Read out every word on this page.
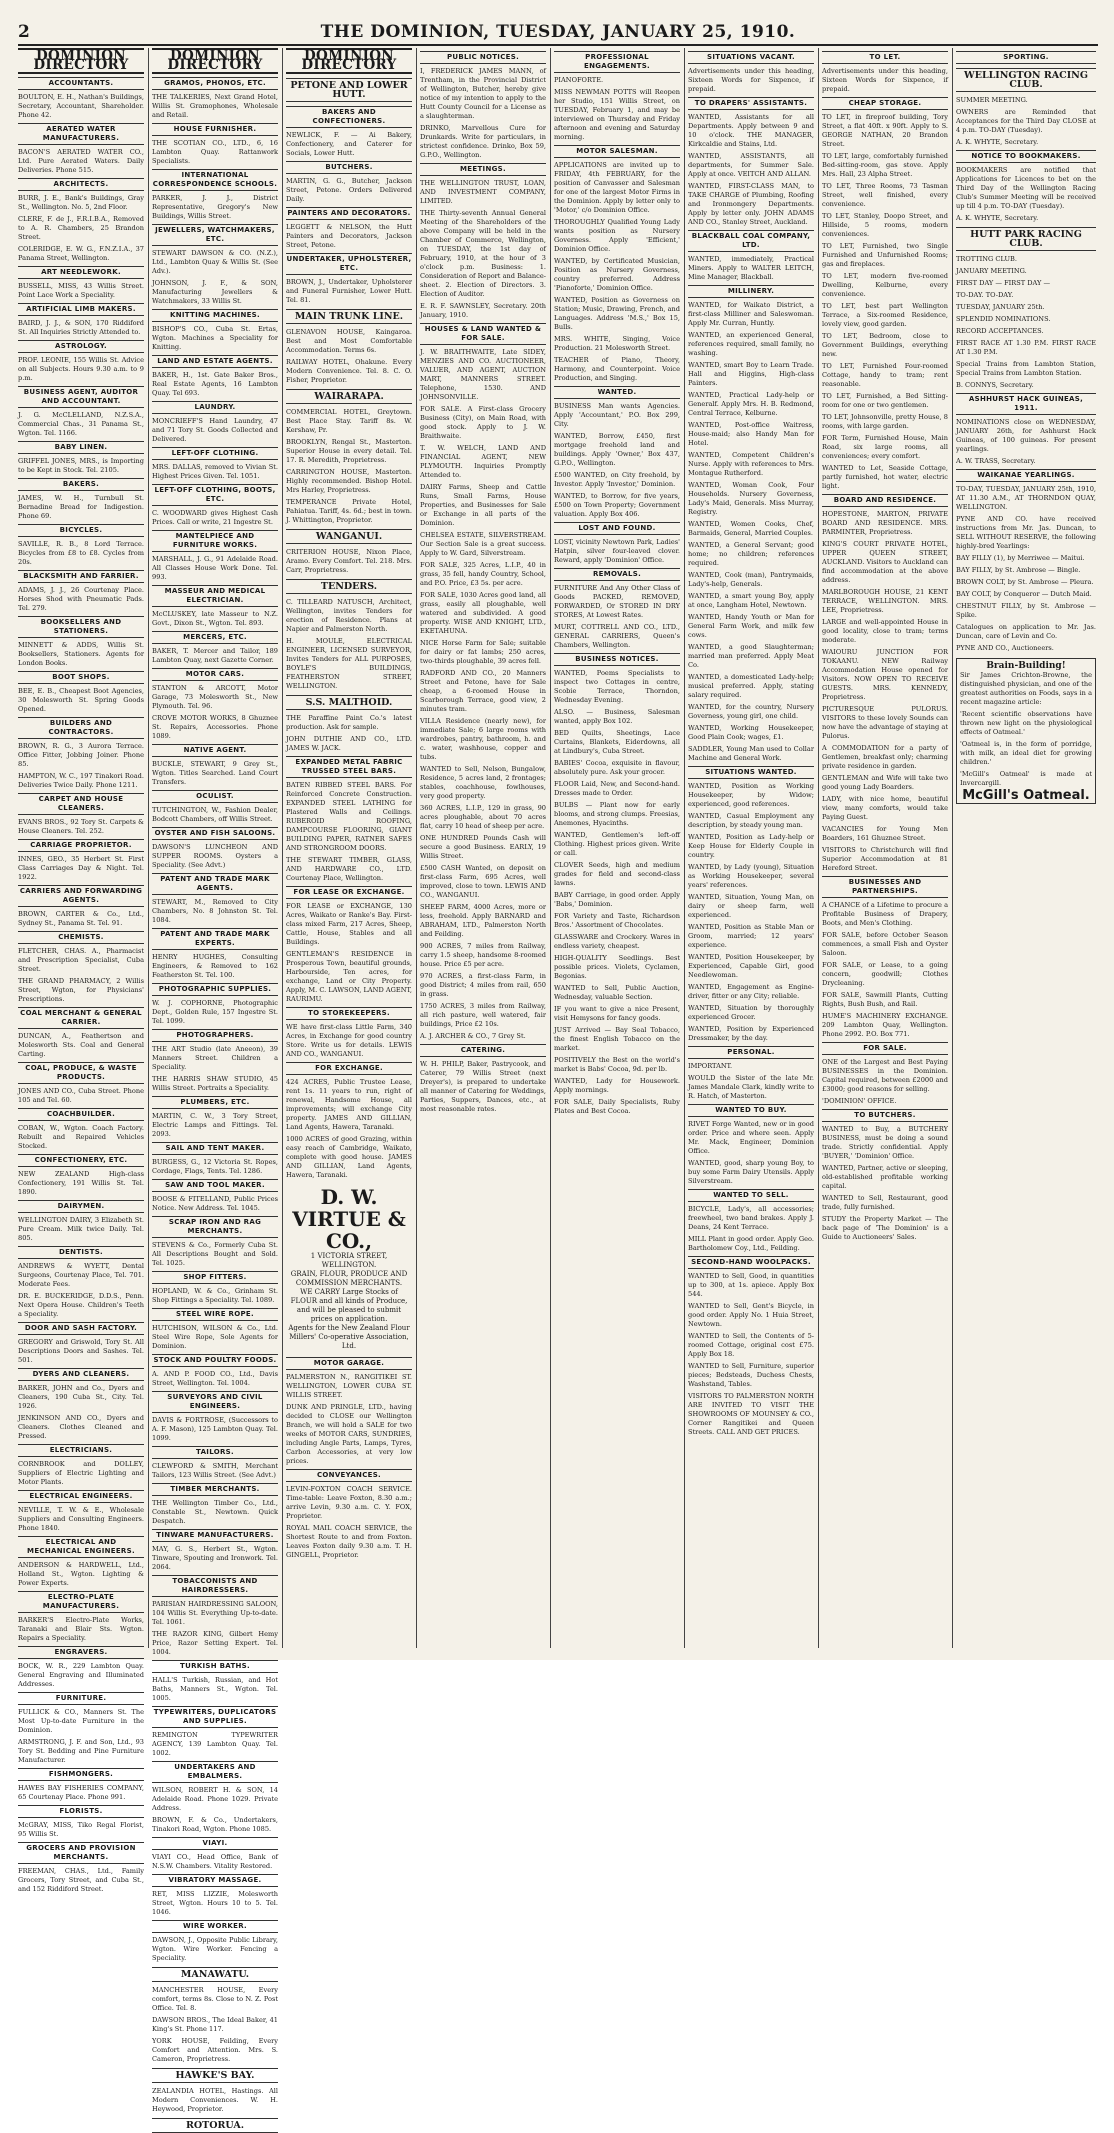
2	THE DOMINION, TUESDAY, JANUARY 25, 1910.
DOMINION DIRECTORY
ACCOUNTANTS.
BOULTON, E. H., Nathan's Buildings, Secretary, Accountant, Shareholder. Phone 42.
AERATED WATER MANUFACTURERS.
BACON'S AERATED WATER CO., Ltd. Pure Aerated Waters. Daily Deliveries. Phone 515.
ARCHITECTS.
BURR, J. E., Bank's Buildings, Gray St., Wellington. No. 5, 2nd Floor.
CLERE, F. de J., F.R.I.B.A., Removed to A. R. Chambers, 25 Brandon Street.
COLERIDGE, E. W. G., F.N.Z.I.A., 37 Panama Street, Wellington.
ART NEEDLEWORK.
BUSSELL, MISS, 43 Willis Street. Point Lace Work a Speciality.
ARTIFICIAL LIMB MAKERS.
BAIRD, J. J., & SON, 170 Riddiford St. All Inquiries Strictly Attended to.
ASTROLOGY.
PROF. LEONIE, 155 Willis St. Advice on all Subjects. Hours 9.30 a.m. to 9 p.m.
BUSINESS AGENT, AUDITOR AND ACCOUNTANT.
J. G. McCLELLAND, N.Z.S.A., Commercial Chas., 31 Panama St., Wgton. Tel. 1166.
BABY LINEN.
GRIFFEL JONES, MRS., is Importing to be Kept in Stock. Tel. 2105.
BAKERS.
JAMES, W. H., Turnbull St. Bernadine Bread for Indigestion. Phone 69.
BICYCLES.
SAVILLE, R. B., 8 Lord Terrace. Bicycles from £8 to £8. Cycles from 20s.
BLACKSMITH AND FARRIER.
ADAMS, J. J., 26 Courtenay Place. Horses Shod with Pneumatic Pads. Tel. 279.
BOOKSELLERS AND STATIONERS.
MINNETT & ADDS, Willis St. Booksellers, Stationers. Agents for London Books.
BOOT SHOPS.
BEE, E. B., Cheapest Boot Agencies, 30 Molesworth St. Spring Goods Opened.
BUILDERS AND CONTRACTORS.
BROWN, R. G., 3 Aurora Terrace. Office Fitter, Jobbing Joiner. Phone 85.
HAMPTON, W. C., 197 Tinakori Road. Deliveries Twice Daily. Phone 1211.
CARPET AND HOUSE CLEANERS.
EVANS BROS., 92 Tory St. Carpets & House Cleaners. Tel. 252.
CARRIAGE PROPRIETOR.
INNES, GEO., 35 Herbert St. First Class Carriages Day & Night. Tel. 1922.
CARRIERS AND FORWARDING AGENTS.
BROWN, CARTER & Co., Ltd., Sydney St., Panama St. Tel. 91.
CHEMISTS.
FLETCHER, CHAS. A., Pharmacist and Prescription Specialist, Cuba Street.
THE GRAND PHARMACY, 2 Willis Street, Wgton, for Physicians' Prescriptions.
COAL MERCHANT & GENERAL CARRIER.
DUNCAN, A., Feathertson and Molesworth Sts. Coal and General Carting.
COAL, PRODUCE, & WASTE PRODUCTS.
JONES AND CO., Cuba Street. Phone 105 and Tel. 60.
COACHBUILDER.
COBAN, W., Wgton. Coach Factory. Rebuilt and Repaired Vehicles Stocked.
CONFECTIONERY, ETC.
NEW ZEALAND High-class Confectionery, 191 Willis St. Tel. 1890.
DAIRYMEN.
WELLINGTON DAIRY, 3 Elizabeth St. Pure Cream. Milk twice Daily. Tel. 805.
DENTISTS.
ANDREWS & WYETT, Dental Surgeons, Courtenay Place, Tel. 701. Moderate Fees.
DR. E. BUCKERIDGE, D.D.S., Penn. Next Opera House. Children's Teeth a Speciality.
DOOR AND SASH FACTORY.
GREGORY and Griswold, Tory St. All Descriptions Doors and Sashes. Tel. 501.
DYERS AND CLEANERS.
BARKER, JOHN and Co., Dyers and Cleaners, 190 Cuba St., City. Tel. 1926.
JENKINSON AND CO., Dyers and Cleaners. Clothes Cleaned and Pressed.
ELECTRICIANS.
CORNBROOK and DOLLEY, Suppliers of Electric Lighting and Motor Plants.
ELECTRICAL ENGINEERS.
NEVILLE, T. W. & E., Wholesale Suppliers and Consulting Engineers. Phone 1840.
ELECTRICAL AND MECHANICAL ENGINEERS.
ANDERSON & HARDWELL, Ltd., Holland St., Wgton. Lighting & Power Experts.
ELECTRO-PLATE MANUFACTURERS.
BARKER'S Electro-Plate Works, Taranaki and Blair Sts. Wgton. Repairs a Speciality.
ENGRAVERS.
BOCK, W. R., 229 Lambton Quay. General Engraving and Illuminated Addresses.
FURNITURE.
FULLICK & CO., Manners St. The Most Up-to-date Furniture in the Dominion.
ARMSTRONG, J. F. and Son, Ltd., 93 Tory St. Bedding and Pine Furniture Manufacturer.
FISHMONGERS.
HAWES BAY FISHERIES COMPANY, 65 Courtenay Place. Phone 991.
FLORISTS.
McGRAY, MISS, Tiko Regal Florist, 95 Willis St.
GROCERS AND PROVISION MERCHANTS.
FREEMAN, CHAS., Ltd., Family Grocers, Tory Street, and Cuba St., and 152 Riddiford Street.
DOMINION DIRECTORY
GRAMOS, PHONOS, ETC.
THE TALKERIES, Next Grand Hotel, Willis St. Gramophones, Wholesale and Retail.
HOUSE FURNISHER.
THE SCOTIAN CO., LTD., 6, 16 Lambton Quay. Rattanwork Specialists.
INTERNATIONAL CORRESPONDENCE SCHOOLS.
PARKER, J. J., District Representative, Gregory's New Buildings, Willis Street.
JEWELLERS, WATCHMAKERS, ETC.
STEWART DAWSON & CO. (N.Z.), Ltd., Lambton Quay & Willis St. (See Adv.).
JOHNSON, J. F., & SON, Manufacturing Jewellers & Watchmakers, 33 Willis St.
KNITTING MACHINES.
BISHOP'S CO., Cuba St. Ertas, Wgton. Machines a Speciality for Knitting.
LAND AND ESTATE AGENTS.
BAKER, H., 1st. Gate Baker Bros., Real Estate Agents, 16 Lambton Quay. Tel 693.
LAUNDRY.
MONCRIEFF'S Hand Laundry, 47 and 71 Tory St. Goods Collected and Delivered.
LEFT-OFF CLOTHING.
MRS. DALLAS, removed to Vivian St. Highest Prices Given. Tel. 1051.
LEFT-OFF CLOTHING, BOOTS, ETC.
C. WOODWARD gives Highest Cash Prices. Call or write, 21 Ingestre St.
MANTELPIECE AND FURNITURE WORKS.
MARSHALL, J. G., 91 Adelaide Road. All Classes House Work Done. Tel. 993.
MASSEUR AND MEDICAL ELECTRICIAN.
McCLUSKEY, late Masseur to N.Z. Govt., Dixon St., Wgton. Tel. 893.
MERCERS, ETC.
BAKER, T. Mercer and Tailor, 189 Lambton Quay, next Gazette Corner.
MOTOR CARS.
STANTON & ARCOTT, Motor Garage, 73 Molesworth St., New Plymouth. Tel. 96.
CROVE MOTOR WORKS, 8 Ghuznee St. Repairs, Accessories. Phone 1089.
NATIVE AGENT.
BUCKLE, STEWART, 9 Grey St., Wgton. Titles Searched. Land Court Transfers.
OCULIST.
TUTCHINGTON, W., Fashion Dealer, Bodcott Chambers, off Willis Street.
OYSTER AND FISH SALOONS.
DAWSON'S LUNCHEON AND SUPPER ROOMS. Oysters a Speciality. (See Advt.)
PATENT AND TRADE MARK AGENTS.
STEWART, M., Removed to City Chambers, No. 8 Johnston St. Tel. 1084.
PATENT AND TRADE MARK EXPERTS.
HENRY HUGHES, Consulting Engineers, & Removed to 162 Featherston St. Tel. 100.
PHOTOGRAPHIC SUPPLIES.
W. J. COPHORNE, Photographic Dept., Golden Rule, 157 Ingestre St. Tel. 1099.
PHOTOGRAPHERS.
THE ART Studio (late Aneeon), 39 Manners Street. Children a Speciality.
THE HARRIS SHAW STUDIO, 45 Willis Street. Portraits a Speciality.
PLUMBERS, ETC.
MARTIN, C. W., 3 Tory Street, Electric Lamps and Fittings. Tel. 2093.
SAIL AND TENT MAKER.
BURGESS, G., 12 Victoria St. Ropes, Cordage, Flags, Tents. Tel. 1286.
SAW AND TOOL MAKER.
BOOSE & FITELLAND, Public Prices Notice. New Address. Tel. 1045.
SCRAP IRON AND RAG MERCHANTS.
STEVENS & Co., Formerly Cuba St. All Descriptions Bought and Sold. Tel. 1025.
SHOP FITTERS.
HOPLAND, W. & Co., Grinham St. Shop Fittings a Speciality. Tel. 1089.
STEEL WIRE ROPE.
HUTCHISON, WILSON & Co., Ltd. Steel Wire Rope, Sole Agents for Dominion.
STOCK AND POULTRY FOODS.
A. AND P. FOOD CO., Ltd., Davis Street, Wellington. Tel. 1004.
SURVEYORS AND CIVIL ENGINEERS.
DAVIS & FORTROSE, (Successors to A. F. Mason), 125 Lambton Quay. Tel. 1099.
TAILORS.
CLEWFORD & SMITH, Merchant Tailors, 123 Willis Street. (See Advt.)
TIMBER MERCHANTS.
THE Wellington Timber Co., Ltd., Constable St., Newtown. Quick Despatch.
TINWARE MANUFACTURERS.
MAY, G. S., Herbert St., Wgton. Tinware, Spouting and Ironwork. Tel. 2064.
TOBACCONISTS AND HAIRDRESSERS.
PARISIAN HAIRDRESSING SALOON, 104 Willis St. Everything Up-to-date. Tel. 1061.
THE RAZOR KING, Gilbert Hemy Price, Razor Setting Expert. Tel. 1004.
TURKISH BATHS.
HALL'S Turkish, Russian, and Hot Baths, Manners St., Wgton. Tel. 1005.
TYPEWRITERS, DUPLICATORS AND SUPPLIES.
REMINGTON TYPEWRITER AGENCY, 139 Lambton Quay. Tel. 1002.
UNDERTAKERS AND EMBALMERS.
WILSON, ROBERT H. & SON, 14 Adelaide Road. Phone 1029. Private Address.
BROWN, F. & Co., Undertakers, Tinakori Road, Wgton. Phone 1085.
VIAYI.
VIAYI CO., Head Office, Bank of N.S.W. Chambers. Vitality Restored.
VIBRATORY MASSAGE.
RET, MISS LIZZIE, Molesworth Street, Wgton. Hours 10 to 5. Tel. 1046.
WIRE WORKER.
DAWSON, J., Opposite Public Library, Wgton. Wire Worker. Fencing a Speciality.
MANAWATU.
MANCHESTER HOUSE, Every comfort, terms 8s. Close to N. Z. Post Office. Tel. 8.
DAWSON BROS., The Ideal Baker, 41 King's St. Phone 117.
YORK HOUSE, Feilding, Every Comfort and Attention. Mrs. S. Cameron, Proprietress.
HAWKE'S BAY.
ZEALANDIA HOTEL, Hastings. All Modern Conveniences. W. H. Heywood, Proprietor.
ROTORUA.
DOMINION DIRECTORY
PETONE AND LOWER HUTT.
BAKERS AND CONFECTIONERS.
NEWLICK, F. — Ai Bakery, Confectionery, and Caterer for Socials, Lower Hutt.
BUTCHERS.
MARTIN, G. G., Butcher, Jackson Street, Petone. Orders Delivered Daily.
PAINTERS AND DECORATORS.
LEGGETT & NELSON, the Hutt Painters and Decorators, Jackson Street, Petone.
UNDERTAKER, UPHOLSTERER, ETC.
BROWN, J., Undertaker, Upholsterer and Funeral Furnisher, Lower Hutt. Tel. 81.
MAIN TRUNK LINE.
GLENAVON HOUSE, Kaingaroa. Best and Most Comfortable Accommodation. Terms 6s.
RAILWAY HOTEL, Ohakune. Every Modern Convenience. Tel. 8. C. O. Fisher, Proprietor.
WAIRARAPA.
COMMERCIAL HOTEL, Greytown. Best Place Stay. Tariff 8s. W. Kershaw, Pr.
BROOKLYN, Rengal St., Masterton. Superior House in every detail. Tel. 17. R. Meredith, Proprietress.
CARRINGTON HOUSE, Masterton. Highly recommended. Bishop Hotel. Mrs Harley, Proprietress.
TEMPERANCE Private Hotel, Pahiatua. Tariff, 4s. 6d.; best in town. J. Whittington, Proprietor.
WANGANUI.
CRITERION HOUSE, Nixon Place, Aramo. Every Comfort. Tel. 218. Mrs. Carr, Proprietress.
TENDERS.
C. TILLEARD NATUSCH, Architect, Wellington, invites Tenders for erection of Residence. Plans at Napier and Palmerston North.
H. MOULE, ELECTRICAL ENGINEER, LICENSED SURVEYOR, Invites Tenders for ALL PURPOSES, BOYLE'S BUILDINGS, FEATHERSTON STREET, WELLINGTON.
S.S. MALTHOID.
THE Paraffine Paint Co.'s latest production. Ask for sample.
JOHN DUTHIE AND CO., LTD. JAMES W. JACK.
EXPANDED METAL FABRIC TRUSSED STEEL BARS.
BATEN RIBBED STEEL BARS. For Reinforced Concrete Construction. EXPANDED STEEL LATHING for Plastered Walls and Ceilings. RUBEROID ROOFING, DAMPCOURSE FLOORING, GIANT BUILDING PAPER, RATNER SAFES AND STRONGROOM DOORS.
THE STEWART TIMBER, GLASS, AND HARDWARE CO., LTD. Courtenay Place, Wellington.
FOR LEASE OR EXCHANGE.
FOR LEASE or EXCHANGE, 130 Acres, Waikato or Ranke's Bay. First-class mixed Farm, 217 Acres, Sheep, Cattle, House, Stables and all Buildings.
GENTLEMAN'S RESIDENCE in Prosperous Town, beautiful grounds, Harbourside, Ten acres, for exchange, Land or City Property. Apply, M. C. LAWSON, LAND AGENT, RAURIMU.
TO STOREKEEPERS.
WE have first-class Little Farm, 340 Acres, in Exchange for good country Store. Write us for details. LEWIS AND CO., WANGANUI.
FOR EXCHANGE.
424 ACRES, Public Trustee Lease, rent 1s. 11 years to run, right of renewal, Handsome House, all improvements; will exchange City property. JAMES AND GILLIAN, Land Agents, Hawera, Taranaki.
1000 ACRES of good Grazing, within easy reach of Cambridge, Waikato, complete with good house. JAMES AND GILLIAN, Land Agents, Hawera, Taranaki.
D. W. VIRTUE & CO.,
1 VICTORIA STREET, WELLINGTON.
GRAIN, FLOUR, PRODUCE AND COMMISSION MERCHANTS.
WE CARRY Large Stocks of FLOUR and all kinds of Produce, and will be pleased to submit prices on application.
Agents for the New Zealand Flour Millers' Co-operative Association, Ltd.
MOTOR GARAGE.
PALMERSTON N., RANGITIKEI ST. WELLINGTON, LOWER CUBA ST. WILLIS STREET.
DUNK AND PRINGLE, LTD., having decided to CLOSE our Wellington Branch, we will hold a SALE for two weeks of MOTOR CARS, SUNDRIES, including Angle Parts, Lamps, Tyres, Carbon Accessories, at very low prices.
CONVEYANCES.
LEVIN-FOXTON COACH SERVICE. Time-table: Leave Foxton, 8.30 a.m.; arrive Levin, 9.30 a.m. C. Y. FOX, Proprietor.
ROYAL MAIL COACH SERVICE, the Shortest Route to and from Foxton. Leaves Foxton daily 9.30 a.m. T. H. GINGELL, Proprietor.
PUBLIC NOTICES.
I, FREDERICK JAMES MANN, of Trentham, in the Provincial District of Wellington, Butcher, hereby give notice of my intention to apply to the Hutt County Council for a License as a slaughterman.
DRINKO, Marvellous Cure for Drunkards. Write for particulars, in strictest confidence. Drinko, Box 59, G.P.O., Wellington.
MEETINGS.
THE WELLINGTON TRUST, LOAN, AND INVESTMENT COMPANY, LIMITED.
THE Thirty-seventh Annual General Meeting of the Shareholders of the above Company will be held in the Chamber of Commerce, Wellington, on TUESDAY, the 1st day of February, 1910, at the hour of 3 o'clock p.m. Business: 1. Consideration of Report and Balance-sheet. 2. Election of Directors. 3. Election of Auditor.
E. R. F. SAWNSLEY, Secretary. 20th January, 1910.
HOUSES & LAND WANTED & FOR SALE.
J. W. BRAITHWAITE, Late SIDEY, MENZIES AND CO. AUCTIONEER, VALUER, AND AGENT, AUCTION MART, MANNERS STREET. Telephone, 1530. AND JOHNSONVILLE.
FOR SALE. A First-class Grocery Business (City), on Main Road, with good stock. Apply to J. W. Braithwaite.
T. W. WELCH, LAND AND FINANCIAL AGENT, NEW PLYMOUTH. Inquiries Promptly Attended to.
DAIRY Farms, Sheep and Cattle Runs, Small Farms, House Properties, and Businesses for Sale or Exchange in all parts of the Dominion.
CHELSEA ESTATE, SILVERSTREAM. Our Section Sale is a great success. Apply to W. Gard, Silverstream.
FOR SALE, 325 Acres, L.I.P., 40 in grass, 35 fell, handy Country, School, and P.O. Price, £3 5s. per acre.
FOR SALE, 1030 Acres good land, all grass, easily all ploughable, well watered and subdivided. A good property. WISE AND KNIGHT, LTD., EKETAHUNA.
NICE Horse Farm for Sale; suitable for dairy or fat lambs; 250 acres, two-thirds ploughable, 39 acres fell.
RADFORD AND CO., 20 Manners Street and Petone, have for Sale cheap, a 6-roomed House in Scarborough Terrace, good view, 2 minutes tram.
VILLA Residence (nearly new), for immediate Sale; 6 large rooms with wardrobes, pantry, bathroom, h. and c. water, washhouse, copper and tubs.
WANTED to Sell, Nelson, Bungalow, Residence, 5 acres land, 2 frontages; stables, coachhouse, fowlhouses, very good property.
360 ACRES, L.I.P., 129 in grass, 90 acres ploughable, about 70 acres flat, carry 10 head of sheep per acre.
ONE HUNDRED Pounds Cash will secure a good Business. EARLY, 19 Willis Street.
£500 CASH Wanted, on deposit on first-class Farm, 695 Acres, well improved, close to town. LEWIS AND CO., WANGANUI.
SHEEP FARM, 4000 Acres, more or less, freehold. Apply BARNARD and ABRAHAM, LTD., Palmerston North and Feilding.
900 ACRES, 7 miles from Railway, carry 1.5 sheep, handsome 8-roomed house. Price £5 per acre.
970 ACRES, a first-class Farm, in good District; 4 miles from rail, 650 in grass.
1750 ACRES, 3 miles from Railway, all rich pasture, well watered, fair buildings, Price £2 10s.
A. J. ARCHER & CO., 7 Grey St.
CATERING.
W. H. PHILP, Baker, Pastrycook, and Caterer, 79 Willis Street (next Dreyer's), is prepared to undertake all manner of Catering for Weddings, Parties, Suppers, Dances, etc., at most reasonable rates.
PROFESSIONAL ENGAGEMENTS.
PIANOFORTE.
MISS NEWMAN POTTS will Reopen her Studio, 151 Willis Street, on TUESDAY, February 1, and may be interviewed on Thursday and Friday afternoon and evening and Saturday morning.
MOTOR SALESMAN.
APPLICATIONS are invited up to FRIDAY, 4th FEBRUARY, for the position of Canvasser and Salesman for one of the largest Motor Firms in the Dominion. Apply by letter only to 'Motor,' c/o Dominion Office.
THOROUGHLY Qualified Young Lady wants position as Nursery Governess. Apply 'Efficient,' Dominion Office.
WANTED, by Certificated Musician, Position as Nursery Governess, country preferred. Address 'Pianoforte,' Dominion Office.
WANTED, Position as Governess on Station; Music, Drawing, French, and Languages. Address 'M.S.,' Box 15, Bulls.
MRS. WHITE, Singing, Voice Production. 21 Molesworth Street.
TEACHER of Piano, Theory, Harmony, and Counterpoint. Voice Production, and Singing.
WANTED.
BUSINESS Man wants Agencies. Apply 'Accountant,' P.O. Box 299, City.
WANTED, Borrow, £450, first mortgage freehold land and buildings. Apply 'Owner,' Box 437, G.P.O., Wellington.
£500 WANTED, on City freehold, by Investor. Apply 'Investor,' Dominion.
WANTED, to Borrow, for five years, £500 on Town Property; Government valuation. Apply Box 406.
LOST AND FOUND.
LOST, vicinity Newtown Park, Ladies' Hatpin, silver four-leaved clover. Reward, apply 'Dominion' Office.
REMOVALS.
FURNITURE And Any Other Class of Goods PACKED, REMOVED, FORWARDED, Or STORED IN DRY STORES, At Lowest Rates.
MURT, COTTRELL AND CO., LTD., GENERAL CARRIERS, Queen's Chambers, Wellington.
BUSINESS NOTICES.
WANTED, Poems Specialists to inspect two Cottages in centre, Scobie Terrace, Thorndon, Wednesday Evening.
ALSO. — Business, Salesman wanted, apply Box 102.
BED Quilts, Sheetings, Lace Curtains, Blankets, Eiderdowns, all at Lindbury's, Cuba Street.
BABIES' Cocoa, exquisite in flavour, absolutely pure. Ask your grocer.
FLOOR Laid, New, and Second-hand. Dresses made to Order.
BULBS — Plant now for early blooms, and strong clumps. Freesias, Anemones, Hyacinths.
WANTED, Gentlemen's left-off Clothing. Highest prices given. Write or call.
CLOVER Seeds, high and medium grades for field and second-class lawns.
BABY Carriage, in good order. Apply 'Babs,' Dominion.
FOR Variety and Taste, Richardson Bros.' Assortment of Chocolates.
GLASSWARE and Crockery. Wares in endless variety, cheapest.
HIGH-QUALITY Seedlings. Best possible prices. Violets, Cyclamen, Begonias.
WANTED to Sell, Public Auction, Wednesday, valuable Section.
IF you want to give a nice Present, visit Hemysons for fancy goods.
JUST Arrived — Bay Seal Tobacco, the finest English Tobacco on the market.
POSITIVELY the Best on the world's market is Babs' Cocoa, 9d. per lb.
WANTED, Lady for Housework. Apply mornings.
FOR SALE, Daily Specialists, Ruby Plates and Best Cocoa.
SITUATIONS VACANT.
Advertisements under this heading, Sixteen Words for Sixpence, if prepaid.
TO DRAPERS' ASSISTANTS.
WANTED, Assistants for all Departments. Apply between 9 and 10 o'clock. THE MANAGER, Kirkcaldie and Stains, Ltd.
WANTED, ASSISTANTS, all departments, for Summer Sale. Apply at once. VEITCH AND ALLAN.
WANTED, FIRST-CLASS MAN, to TAKE CHARGE of Plumbing, Roofing and Ironmongery Departments. Apply by letter only. JOHN ADAMS AND CO., Stanley Street, Auckland.
BLACKBALL COAL COMPANY, LTD.
WANTED, immediately, Practical Miners. Apply to WALTER LEITCH, Mine Manager, Blackball.
MILLINERY.
WANTED, for Waikato District, a first-class Milliner and Saleswoman. Apply Mr. Curran, Huntly.
WANTED, an experienced General, references required, small family, no washing.
WANTED, smart Boy to Learn Trade. Hall and Higgins, High-class Painters.
WANTED, Practical Lady-help or Generalf. Apply Mrs. H. B. Redmond, Central Terrace, Kelburne.
WANTED, Post-office Waitress, House-maid; also Handy Man for Hotel.
WANTED, Competent Children's Nurse. Apply with references to Mrs. Montague Rutherford.
WANTED, Woman Cook, Four Households. Nursery Governess, Lady's Maid, Generals. Miss Murray, Registry.
WANTED, Women Cooks, Chef, Barmaids, General, Married Couples.
WANTED, a General Servant; good home; no children; references required.
WANTED, Cook (man), Pantrymaids, Lady's-help, Generals.
WANTED, a smart young Boy, apply at once, Langham Hotel, Newtown.
WANTED, Handy Youth or Man for General Farm Work, and milk few cows.
WANTED, a good Slaughterman; married man preferred. Apply Meat Co.
WANTED, a domesticated Lady-help; musical preferred. Apply, stating salary required.
WANTED, for the country, Nursery Governess, young girl, one child.
WANTED, Working Housekeeper, Good Plain Cook; wages, £1.
SADDLER, Young Man used to Collar Machine and General Work.
SITUATIONS WANTED.
WANTED, Position as Working Housekeeper, by Widow; experienced, good references.
WANTED, Casual Employment any description, by steady young man.
WANTED, Position as Lady-help or Keep House for Elderly Couple in country.
WANTED, by Lady (young), Situation as Working Housekeeper, several years' references.
WANTED, Situation, Young Man, on dairy or sheep farm, well experienced.
WANTED, Position as Stable Man or Groom, married; 12 years' experience.
WANTED, Position Housekeeper, by Experienced, Capable Girl, good Needlewoman.
WANTED, Engagement as Engine-driver, fitter or any City; reliable.
WANTED, Situation by thoroughly experienced Grocer.
WANTED, Position by Experienced Dressmaker, by the day.
PERSONAL.
IMPORTANT.
WOULD the Sister of the late Mr. James Mandale Clark, kindly write to R. Hatch, of Masterton.
WANTED TO BUY.
RIVET Forge Wanted, new or in good order. Price and where seen. Apply Mr. Mack, Engineer, Dominion Office.
WANTED, good, sharp young Boy, to buy some Farm Dairy Utensils. Apply Silverstream.
WANTED TO SELL.
BICYCLE, Lady's, all accessories; freewheel, two band brakes. Apply J. Deans, 24 Kent Terrace.
MILL Plant in good order. Apply Geo. Bartholomew Coy., Ltd., Feilding.
SECOND-HAND WOOLPACKS.
WANTED to Sell, Good, in quantities up to 300, at 1s. apiece. Apply Box 544.
WANTED to Sell, Gent's Bicycle, in good order. Apply No. 1 Huia Street, Newtown.
WANTED to Sell, the Contents of 5-roomed Cottage, original cost £75. Apply Box 18.
WANTED to Sell, Furniture, superior pieces; Bedsteads, Duchess Chests, Washstand, Tables.
VISITORS TO PALMERSTON NORTH ARE INVITED TO VISIT THE SHOWROOMS OF MOUNSEY & CO., Corner Rangitikei and Queen Streets. CALL AND GET PRICES.
TO LET.
Advertisements under this heading, Sixteen Words for Sixpence, if prepaid.
CHEAP STORAGE.
TO LET, in fireproof building, Tory Street, a flat 40ft. x 90ft. Apply to S. GEORGE NATHAN, 20 Brandon Street.
TO LET, large, comfortably furnished Bed-sitting-room, gas stove. Apply Mrs. Hall, 23 Alpha Street.
TO LET, Three Rooms, 73 Tasman Street, well finished, every convenience.
TO LET, Stanley, Doopo Street, and Hillside, 5 rooms, modern conveniences.
TO LET, Furnished, two Single Furnished and Unfurnished Rooms; gas and fireplaces.
TO LET, modern five-roomed Dwelling, Kelburne, every convenience.
TO LET, best part Wellington Terrace, a Six-roomed Residence, lovely view, good garden.
TO LET, Bedroom, close to Government Buildings, everything new.
TO LET, Furnished Four-roomed Cottage, handy to tram; rent reasonable.
TO LET, Furnished, a Bed Sitting-room for one or two gentlemen.
TO LET, Johnsonville, pretty House, 8 rooms, with large garden.
FOR Term, Furnished House, Main Road, six large rooms, all conveniences; every comfort.
WANTED to Let, Seaside Cottage, partly furnished, hot water, electric light.
BOARD AND RESIDENCE.
HOPESTONE, MARTON, PRIVATE BOARD AND RESIDENCE. MRS. PARMINTER, Proprietress.
KING'S COURT PRIVATE HOTEL, UPPER QUEEN STREET, AUCKLAND. Visitors to Auckland can find accommodation at the above address.
MARLBOROUGH HOUSE, 21 KENT TERRACE, WELLINGTON. MRS. LEE, Proprietress.
LARGE and well-appointed House in good locality, close to tram; terms moderate.
WAIOURU JUNCTION FOR TOKAANU. NEW Railway Accommodation House opened for Visitors. NOW OPEN TO RECEIVE GUESTS. MRS. KENNEDY, Proprietress.
PICTURESQUE PULORUS. VISITORS to these lovely Sounds can now have the advantage of staying at Pulorus.
A COMMODATION for a party of Gentlemen, breakfast only; charming private residence in garden.
GENTLEMAN and Wife will take two good young Lady Boarders.
LADY, with nice home, beautiful view, many comforts, would take Paying Guest.
VACANCIES for Young Men Boarders, 161 Ghuznee Street.
VISITORS to Christchurch will find Superior Accommodation at 81 Hereford Street.
BUSINESSES AND PARTNERSHIPS.
A CHANCE of a Lifetime to procure a Profitable Business of Drapery, Boots, and Men's Clothing.
FOR SALE, before October Season commences, a small Fish and Oyster Saloon.
FOR SALE, or Lease, to a going concern, goodwill; Clothes Drycleaning.
FOR SALE, Sawmill Plants, Cutting Rights, Bush Bush, and Rail.
HUME'S MACHINERY EXCHANGE. 209 Lambton Quay, Wellington. Phone 2992. P.O. Box 771.
FOR SALE.
ONE of the Largest and Best Paying BUSINESSES in the Dominion. Capital required, between £2000 and £3000; good reasons for selling.
'DOMINION' OFFICE.
TO BUTCHERS.
WANTED to Buy, a BUTCHERY BUSINESS, must be doing a sound trade. Strictly confidential. Apply 'BUYER,' 'Dominion' Office.
WANTED, Partner, active or sleeping, old-established profitable working capital.
WANTED to Sell, Restaurant, good trade, fully furnished.
STUDY the Property Market — The back page of 'The Dominion' is a Guide to Auctioneers' Sales.
SPORTING.
WELLINGTON RACING CLUB.
SUMMER MEETING.
OWNERS are Reminded that Acceptances for the Third Day CLOSE at 4 p.m. TO-DAY (Tuesday).
A. K. WHYTE, Secretary.
NOTICE TO BOOKMAKERS.
BOOKMAKERS are notified that Applications for Licences to bet on the Third Day of the Wellington Racing Club's Summer Meeting will be received up till 4 p.m. TO-DAY (Tuesday).
A. K. WHYTE, Secretary.
HUTT PARK RACING CLUB.
TROTTING CLUB.
JANUARY MEETING.
FIRST DAY — FIRST DAY —
TO-DAY. TO-DAY.
TUESDAY, JANUARY 25th.
SPLENDID NOMINATIONS.
RECORD ACCEPTANCES.
FIRST RACE AT 1.30 P.M. FIRST RACE AT 1.30 P.M.
Special Trains from Lambton Station, Special Trains from Lambton Station.
B. CONNYS, Secretary.
ASHHURST HACK GUINEAS, 1911.
NOMINATIONS close on WEDNESDAY, JANUARY 26th, for Ashhurst Hack Guineas, of 100 guineas. For present yearlings.
A. W. TRASS, Secretary.
WAIKANAE YEARLINGS.
TO-DAY, TUESDAY, JANUARY 25th, 1910, AT 11.30 A.M., AT THORNDON QUAY, WELLINGTON.
PYNE AND CO. have received instructions from Mr. Jas. Duncan, to SELL WITHOUT RESERVE, the following highly-bred Yearlings:
BAY FILLY (1), by Merriwee — Maitui.
BAY FILLY, by St. Ambrose — Bingle.
BROWN COLT, by St. Ambrose — Pleura.
BAY COLT, by Conqueror — Dutch Maid.
CHESTNUT FILLY, by St. Ambrose — Spike.
Catalogues on application to Mr. Jas. Duncan, care of Levin and Co.
PYNE AND CO., Auctioneers.
Brain-Building!
Sir James Crichton-Browne, the distinguished physician, and one of the greatest authorities on Foods, says in a recent magazine article:
'Recent scientific observations have thrown new light on the physiological effects of Oatmeal.'
'Oatmeal is, in the form of porridge, with milk, an ideal diet for growing children.'
'McGill's Oatmeal' is made at Invercargill.
McGill's Oatmeal.
